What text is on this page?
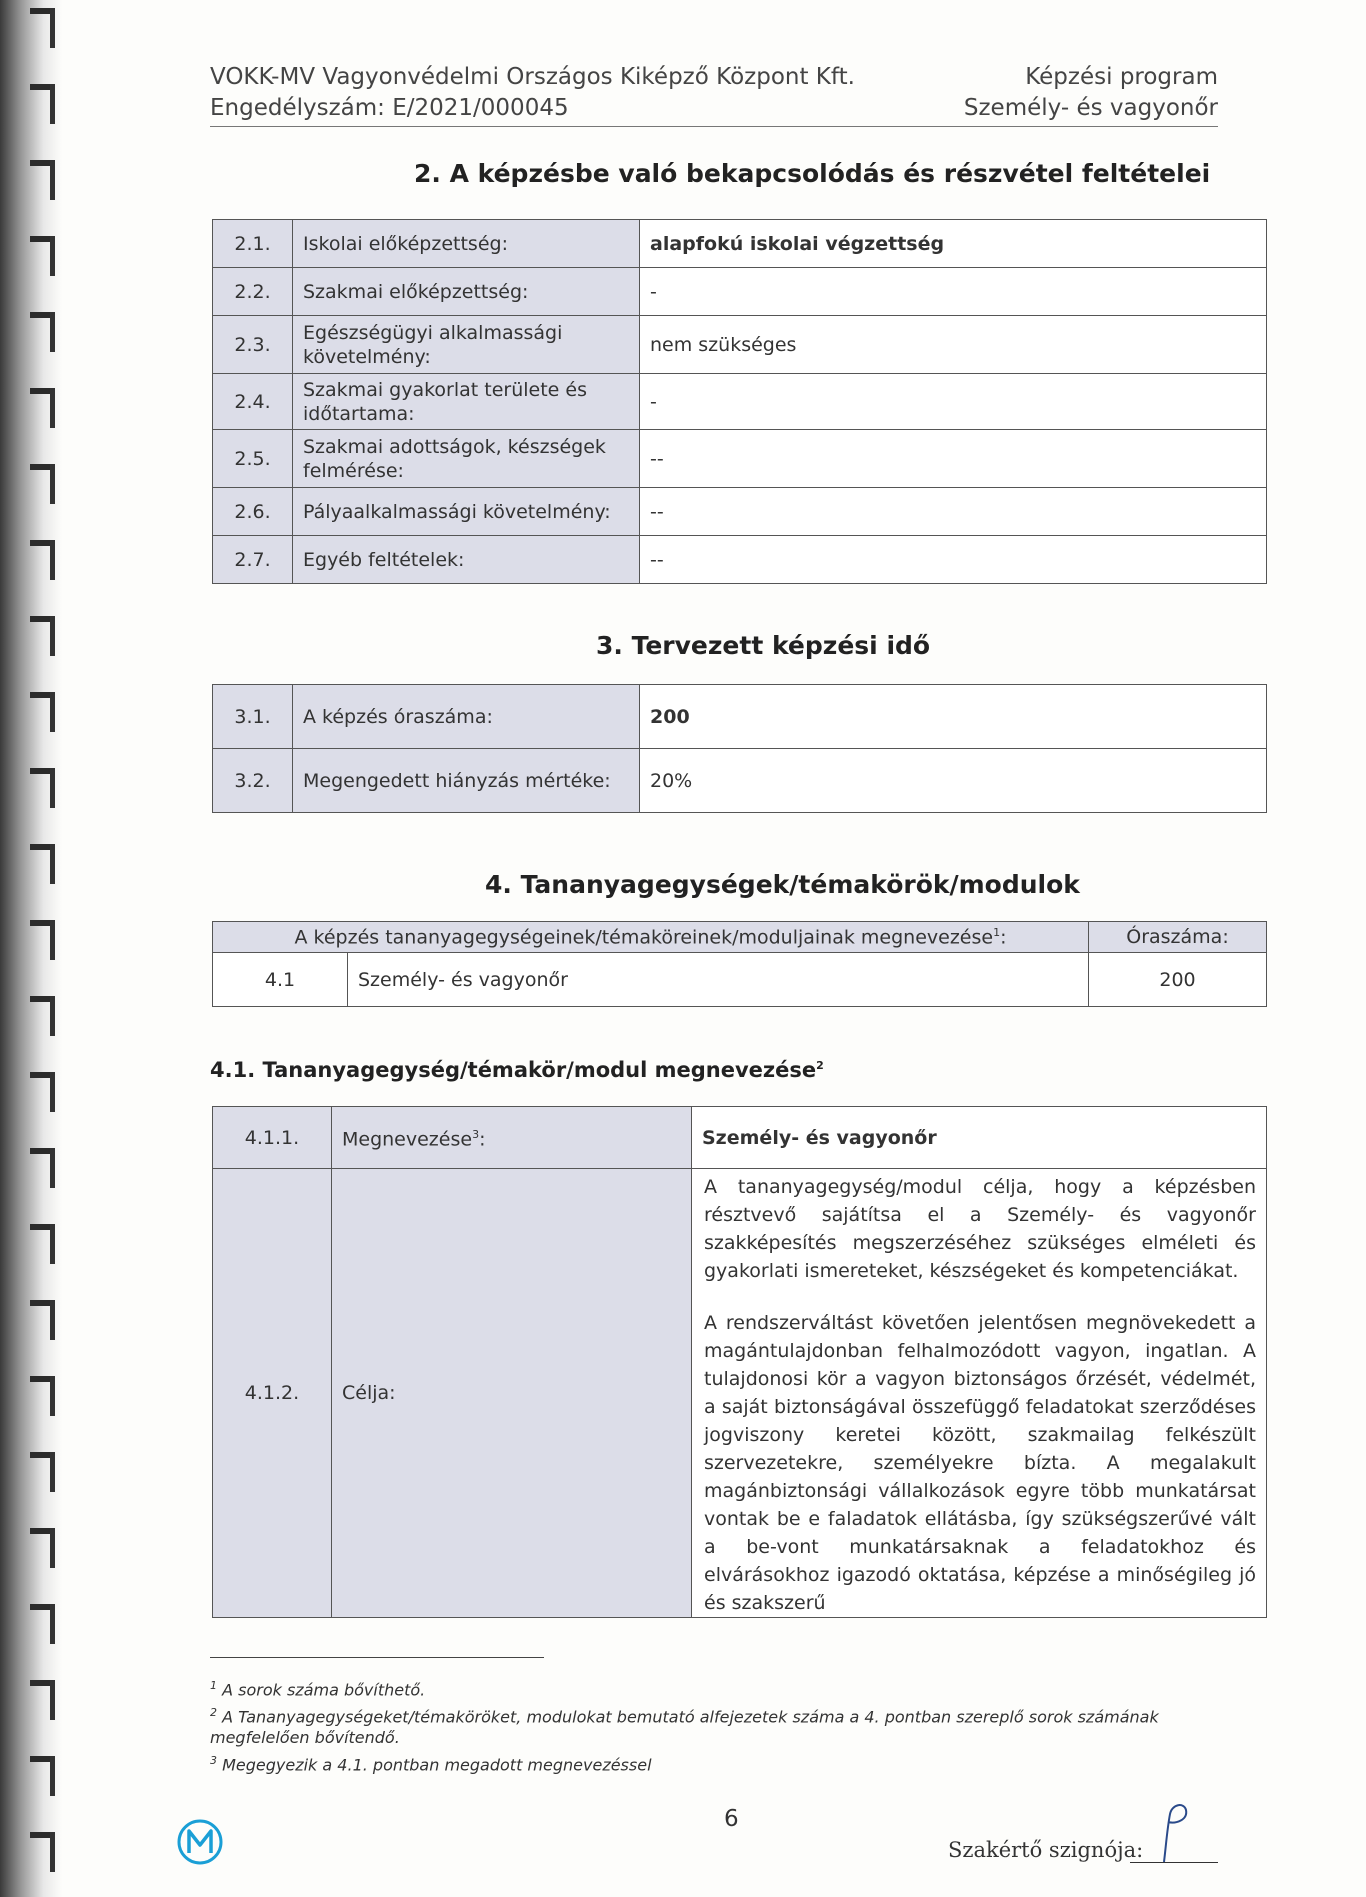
VOKK-MV Vagyonvédelmi Országos Kiképző Központ Kft.	Képzési program
Engedélyszám: E/2021/000045	Személy- és vagyonőr
2. A képzésbe való bekapcsolódás és részvétel feltételei
2.1.	Iskolai előképzettség:	alapfokú iskolai végzettség
2.2.	Szakmai előképzettség:	-
2.3.	Egészségügyi alkalmassági követelmény:	nem szükséges
2.4.	Szakmai gyakorlat területe és időtartama:	-
2.5.	Szakmai adottságok, készségek felmérése:	--
2.6.	Pályaalkalmassági követelmény:	--
2.7.	Egyéb feltételek:	--
3. Tervezett képzési idő
3.1.	A képzés óraszáma:	200
3.2.	Megengedett hiányzás mértéke:	20%
4. Tananyagegységek/témakörök/modulok
A képzés tananyagegységeinek/témaköreinek/moduljainak megnevezése$^1$:		Óraszáma:
4.1	Személy- és vagyonőr	200
4.1. Tananyagegység/témakör/modul megnevezése$^2$
4.1.1.	Megnevezése$^3$:	Személy- és vagyonőr
4.1.2.	Célja:	A tananyagegység/modul célja, hogy a képzésben résztvevő sajátítsa el a Személy- és vagyonőr szakképesítés megszerzéséhez szükséges elméleti és gyakorlati ismereteket, készségeket és kompetenciákat.

A rendszerváltást követően jelentősen megnövekedett a magántulajdonban felhalmozódott vagyon, ingatlan. A tulajdonosi kör a vagyon biztonságos őrzését, védelmét, a saját biztonságával összefüggő feladatokat szerződéses jogviszony keretei között, szakmailag felkészült szervezetekre, személyekre bízta. A megalakult magánbiztonsági vállalkozások egyre több munkatársat vontak be e faladatok ellátásba, így szükségszerűvé vált a be-vont munkatársaknak a feladatokhoz és elvárásokhoz igazodó oktatása, képzése a minőségileg jó és szakszerű

$^1$ A sorok száma bővíthető.
$^2$ A Tananyagegységeket/témaköröket, modulokat bemutató alfejezetek száma a 4. pontban szereplő sorok számának megfelelően bővítendő.
$^3$ Megegyezik a 4.1. pontban megadott megnevezéssel
6
Szakértő szignója:
